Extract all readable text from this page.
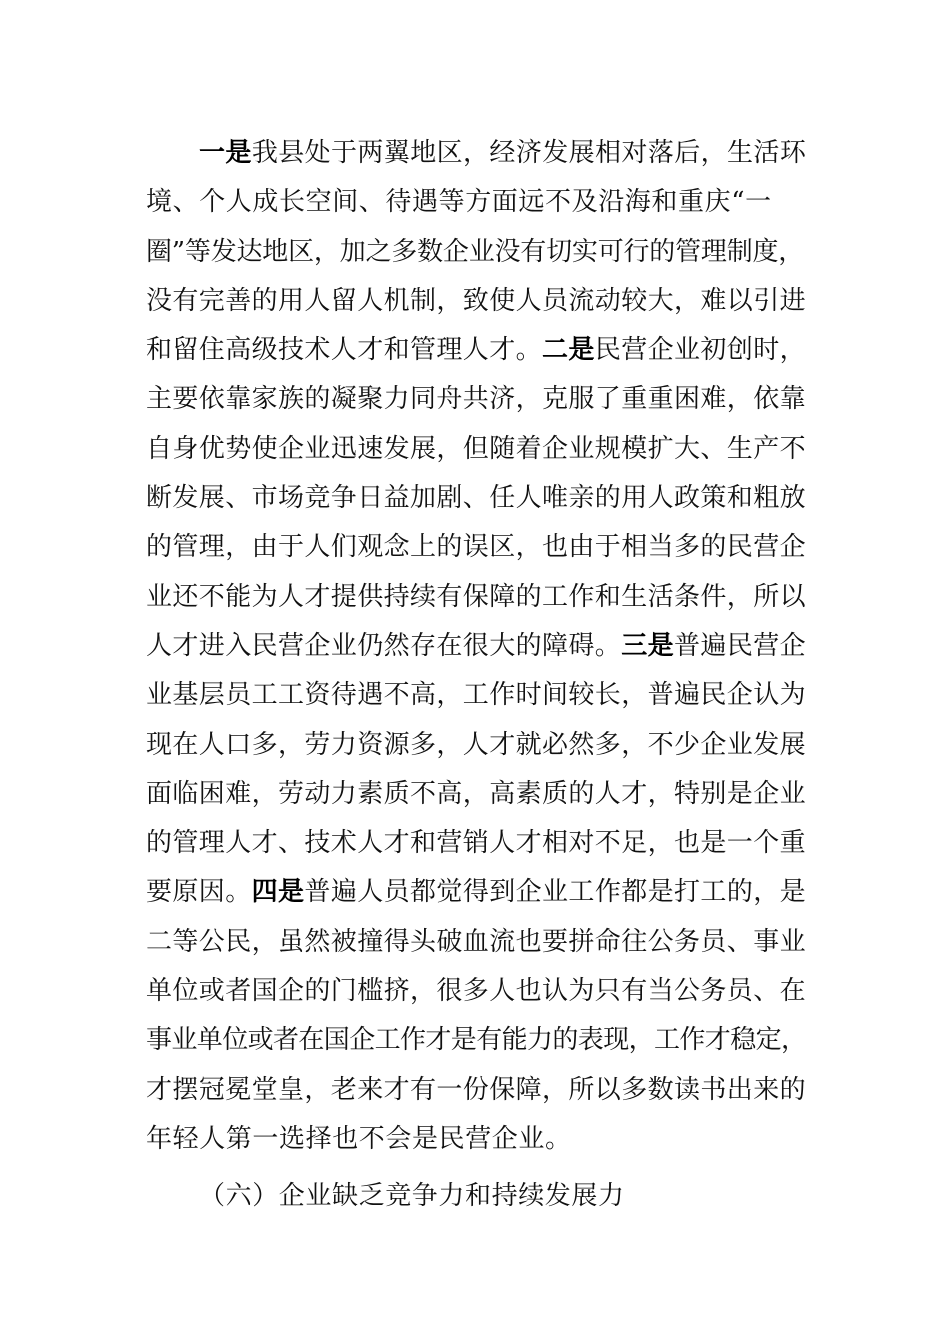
一是我县处于两翼地区，经济发展相对落后，生活环
境、个人成长空间、待遇等方面远不及沿海和重庆“一
圈”等发达地区，加之多数企业没有切实可行的管理制度，
没有完善的用人留人机制，致使人员流动较大，难以引进
和留住高级技术人才和管理人才。二是民营企业初创时，
主要依靠家族的凝聚力同舟共济，克服了重重困难，依靠
自身优势使企业迅速发展，但随着企业规模扩大、生产不
断发展、市场竞争日益加剧、任人唯亲的用人政策和粗放
的管理，由于人们观念上的误区，也由于相当多的民营企
业还不能为人才提供持续有保障的工作和生活条件，所以
人才进入民营企业仍然存在很大的障碍。三是普遍民营企
业基层员工工资待遇不高，工作时间较长，普遍民企认为
现在人口多，劳力资源多，人才就必然多，不少企业发展
面临困难，劳动力素质不高，高素质的人才，特别是企业
的管理人才、技术人才和营销人才相对不足，也是一个重
要原因。四是普遍人员都觉得到企业工作都是打工的，是
二等公民，虽然被撞得头破血流也要拼命往公务员、事业
单位或者国企的门槛挤，很多人也认为只有当公务员、在
事业单位或者在国企工作才是有能力的表现，工作才稳定，
才摆冠冕堂皇，老来才有一份保障，所以多数读书出来的
年轻人第一选择也不会是民营企业。
（六）企业缺乏竞争力和持续发展力
